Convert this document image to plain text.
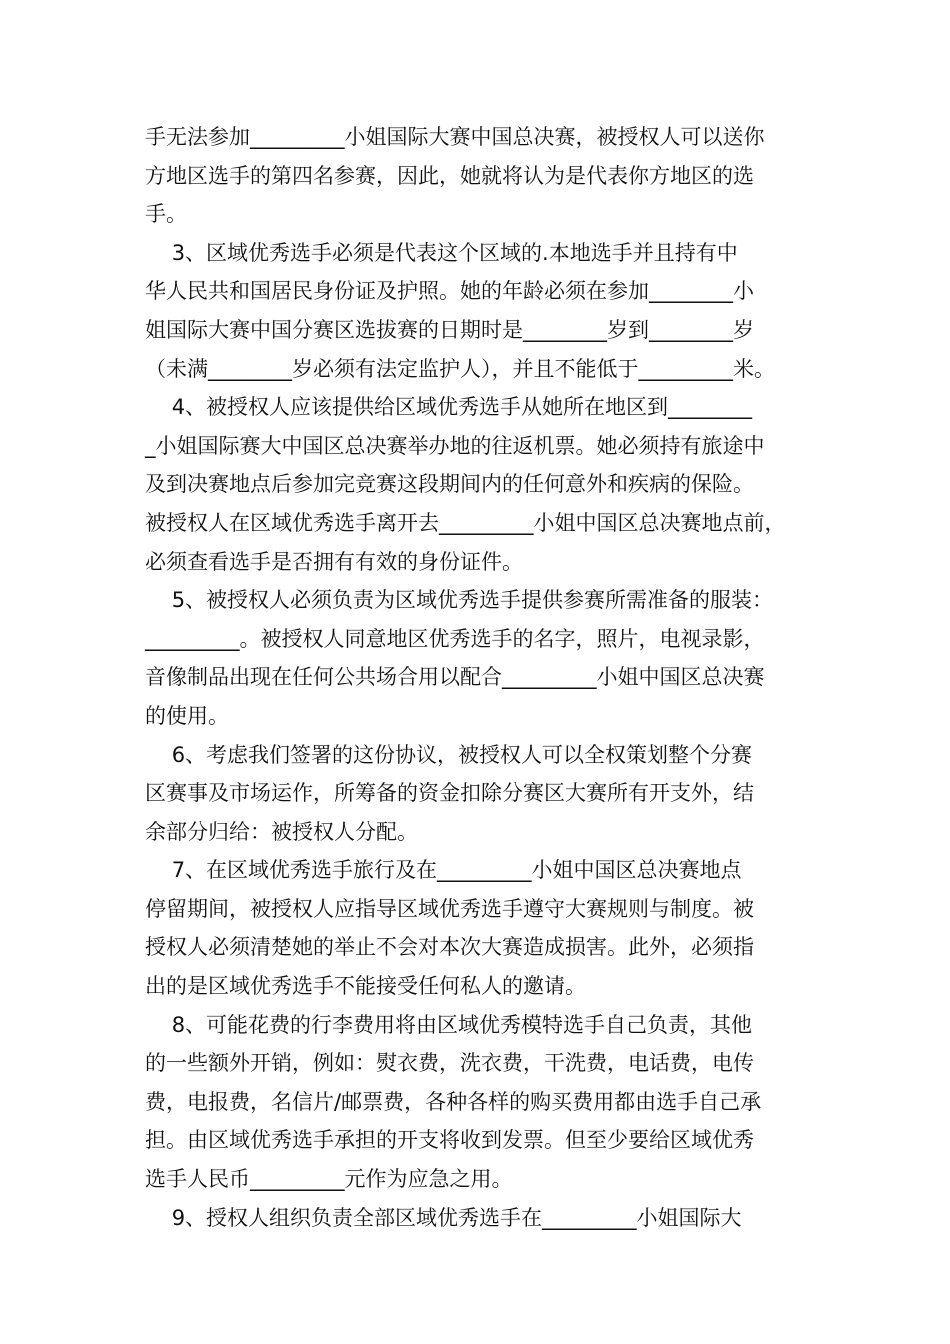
手无法参加_________小姐国际大赛中国总决赛，被授权人可以送你
方地区选手的第四名参赛，因此，她就将认为是代表你方地区的选
手。
3、区域优秀选手必须是代表这个区域的.本地选手并且持有中
华人民共和国居民身份证及护照。她的年龄必须在参加________小
姐国际大赛中国分赛区选拔赛的日期时是________岁到________岁
（未满________岁必须有法定监护人），并且不能低于_________米。
4、被授权人应该提供给区域优秀选手从她所在地区到________
_小姐国际赛大中国区总决赛举办地的往返机票。她必须持有旅途中
及到决赛地点后参加完竞赛这段期间内的任何意外和疾病的保险。
被授权人在区域优秀选手离开去_________小姐中国区总决赛地点前，
必须查看选手是否拥有有效的身份证件。
5、被授权人必须负责为区域优秀选手提供参赛所需准备的服装：
_________。被授权人同意地区优秀选手的名字，照片，电视录影，
音像制品出现在任何公共场合用以配合_________小姐中国区总决赛
的使用。
6、考虑我们签署的这份协议，被授权人可以全权策划整个分赛
区赛事及市场运作，所筹备的资金扣除分赛区大赛所有开支外，结
余部分归给：被授权人分配。
7、在区域优秀选手旅行及在_________小姐中国区总决赛地点
停留期间，被授权人应指导区域优秀选手遵守大赛规则与制度。被
授权人必须清楚她的举止不会对本次大赛造成损害。此外，必须指
出的是区域优秀选手不能接受任何私人的邀请。
8、可能花费的行李费用将由区域优秀模特选手自己负责，其他
的一些额外开销，例如：熨衣费，洗衣费，干洗费，电话费，电传
费，电报费，名信片/邮票费，各种各样的购买费用都由选手自己承
担。由区域优秀选手承担的开支将收到发票。但至少要给区域优秀
选手人民币_________元作为应急之用。
9、授权人组织负责全部区域优秀选手在_________小姐国际大
